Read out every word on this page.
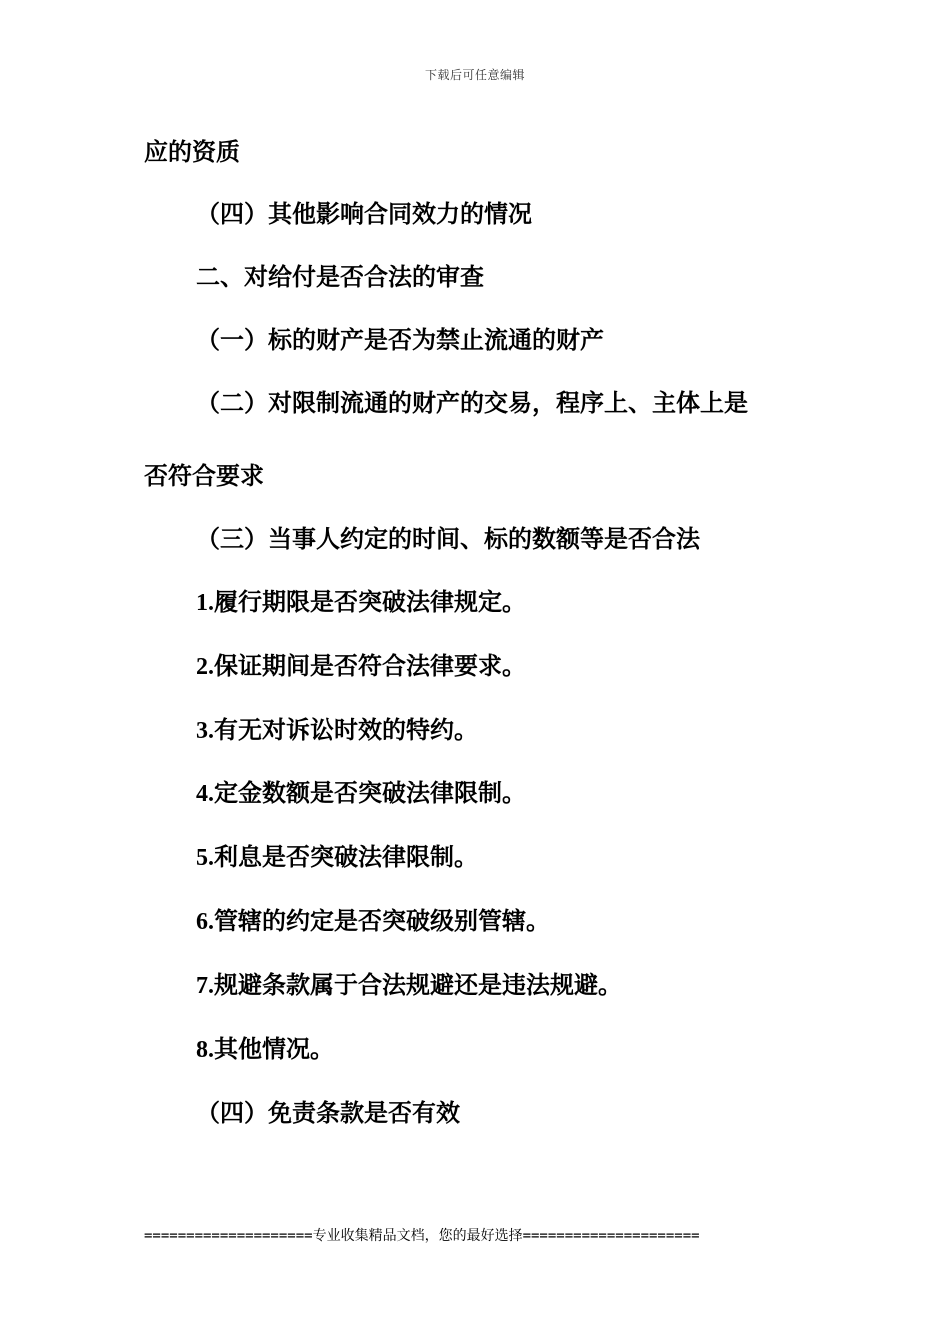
下载后可任意编辑
应的资质
（四）其他影响合同效力的情况
二、对给付是否合法的审查
（一）标的财产是否为禁止流通的财产
（二）对限制流通的财产的交易，程序上、主体上是
否符合要求
（三）当事人约定的时间、标的数额等是否合法
1.履行期限是否突破法律规定。
2.保证期间是否符合法律要求。
3.有无对诉讼时效的特约。
4.定金数额是否突破法律限制。
5.利息是否突破法律限制。
6.管辖的约定是否突破级别管辖。
7.规避条款属于合法规避还是违法规避。
8.其他情况。
（四）免责条款是否有效
====================专业收集精品文档，您的最好选择=====================
